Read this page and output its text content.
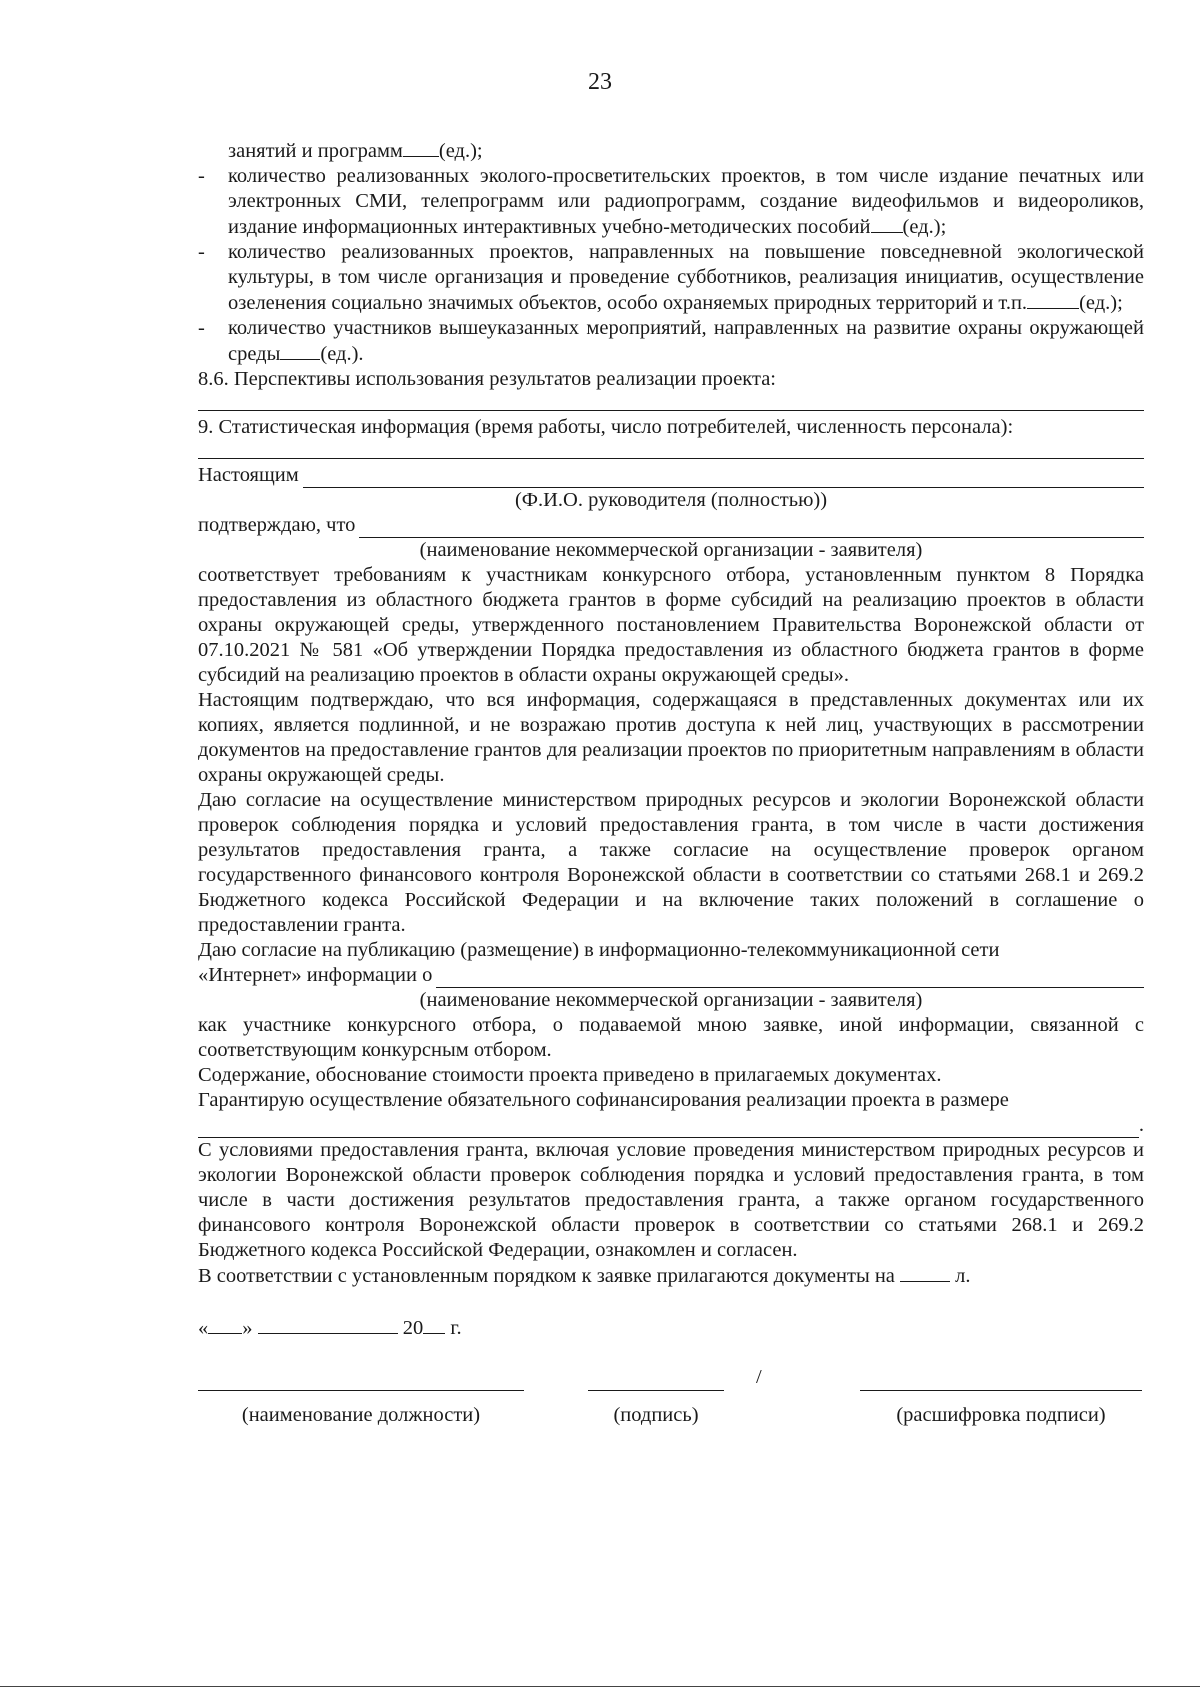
23
занятий и программ (ед.);
- количество реализованных эколого-просветительских проектов, в том числе издание печатных или электронных СМИ, телепрограмм или радиопрограмм, создание видеофильмов и видеороликов, издание информационных интерактивных учебно-методических пособий (ед.);
- количество реализованных проектов, направленных на повышение повседневной экологической культуры, в том числе организация и проведение субботников, реализация инициатив, осуществление озеленения социально значимых объектов, особо охраняемых природных территорий и т.п.	(ед.);
- количество участников вышеуказанных мероприятий, направленных на развитие охраны окружающей среды (ед.).
8.6. Перспективы использования результатов реализации проекта:
9. Статистическая информация (время работы, число потребителей, численность персонала):
Настоящим
(Ф.И.О. руководителя (полностью))
подтверждаю, что
(наименование некоммерческой организации - заявителя)
соответствует требованиям к участникам конкурсного отбора, установленным пунктом 8 Порядка предоставления из областного бюджета грантов в форме субсидий на реализацию проектов в области охраны окружающей среды, утвержденного постановлением Правительства Воронежской области от 07.10.2021 № 581 «Об утверждении Порядка предоставления из областного бюджета грантов в форме субсидий на реализацию проектов в области охраны окружающей среды».
Настоящим подтверждаю, что вся информация, содержащаяся в представленных документах или их копиях, является подлинной, и не возражаю против доступа к ней лиц, участвующих в рассмотрении документов на предоставление грантов для реализации проектов по приоритетным направлениям в области охраны окружающей среды.
Даю согласие на осуществление министерством природных ресурсов и экологии Воронежской области проверок соблюдения порядка и условий предоставления гранта, в том числе в части достижения результатов предоставления гранта, а также согласие на осуществление проверок органом государственного финансового контроля Воронежской области в соответствии со статьями 268.1 и 269.2 Бюджетного кодекса Российской Федерации и на включение таких положений в соглашение о предоставлении гранта.
Даю согласие на публикацию (размещение) в информационно-телекоммуникационной сети
«Интернет» информации о
(наименование некоммерческой организации - заявителя)
как участнике конкурсного отбора, о подаваемой мною заявке, иной информации, связанной с соответствующим конкурсным отбором.
Содержание, обоснование стоимости проекта приведено в прилагаемых документах.
Гарантирую осуществление обязательного софинансирования реализации проекта в размере
.
С условиями предоставления гранта, включая условие проведения министерством природных ресурсов и экологии Воронежской области проверок соблюдения порядка и условий предоставления гранта, в том числе в части достижения результатов предоставления гранта, а также органом государственного финансового контроля Воронежской области проверок в соответствии со статьями 268.1 и 269.2 Бюджетного кодекса Российской Федерации, ознакомлен и согласен.
В соответствии с установленным порядком к заявке прилагаются документы на	л.
« »	20 г.
(наименование должности)	(подпись)
/
(расшифровка подписи)
